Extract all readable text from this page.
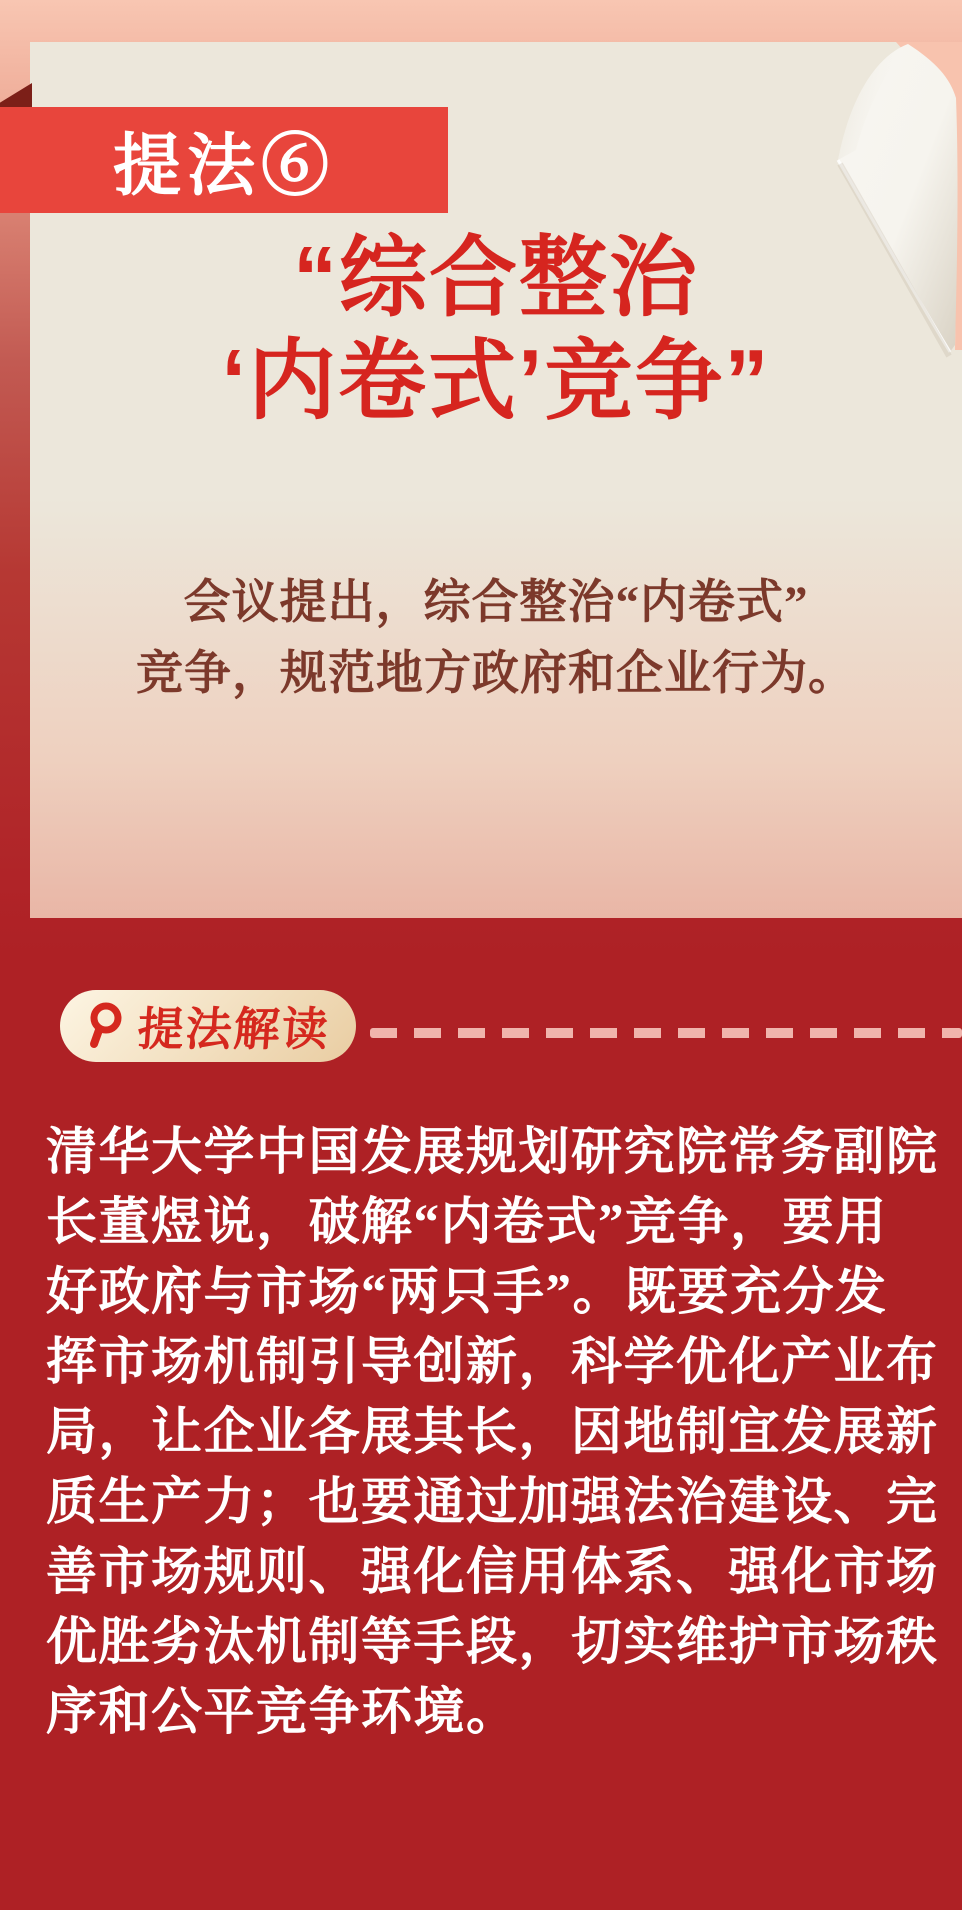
提法⑥
“综合整治
‘内卷式’竞争”
会议提出，综合整治“内卷式”
竞争，规范地方政府和企业行为。
提法解读
清华大学中国发展规划研究院常务副院
长董煜说，破解“内卷式”竞争，要用
好政府与市场“两只手”。既要充分发
挥市场机制引导创新，科学优化产业布
局，让企业各展其长，因地制宜发展新
质生产力；也要通过加强法治建设、完
善市场规则、强化信用体系、强化市场
优胜劣汰机制等手段，切实维护市场秩
序和公平竞争环境。
